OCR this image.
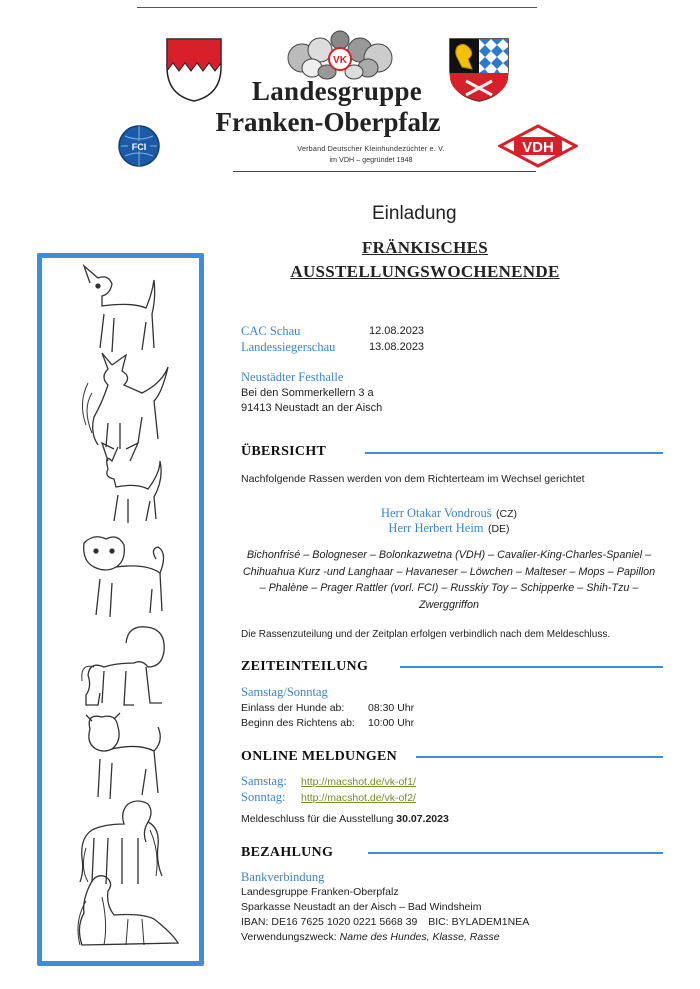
VK
Landesgruppe
Franken-Oberpfalz
Verband Deutscher Kleinhundezüchter e. V.
im VDH – gegründet 1948
FCI	VDH
Einladung
FRÄNKISCHES
AUSSTELLUNGSWOCHENENDE
CAC Schau	12.08.2023
Landessiegerschau	13.08.2023
Neustädter Festhalle
Bei den Sommerkellern 3 a
91413 Neustadt an der Aisch
ÜBERSICHT
Nachfolgende Rassen werden von dem Richterteam im Wechsel gerichtet
Herr Otakar Vondrouš (CZ)
Herr Herbert Heim (DE)
Bichonfrisé – Bologneser – Bolonkazwetna (VDH) – Cavalier-King-Charles-Spaniel – Chihuahua Kurz -und Langhaar – Havaneser – Löwchen – Malteser – Mops – Papillon – Phalène – Prager Rattler (vorl. FCI) – Russkiy Toy – Schipperke – Shih-Tzu – Zwerggriffon
Die Rassenzuteilung und der Zeitplan erfolgen verbindlich nach dem Meldeschluss.
ZEITEINTEILUNG
Samstag/Sonntag
Einlass der Hunde ab: 08:30 Uhr
Beginn des Richtens ab: 10:00 Uhr
ONLINE MELDUNGEN
Samstag: http://macshot.de/vk-of1/
Sonntag: http://macshot.de/vk-of2/
Meldeschluss für die Ausstellung 30.07.2023
BEZAHLUNG
Bankverbindung
Landesgruppe Franken-Oberpfalz
Sparkasse Neustadt an der Aisch – Bad Windsheim
IBAN: DE16 7625 1020 0221 5668 39 BIC: BYLADEM1NEA
Verwendungszweck: Name des Hundes, Klasse, Rasse
